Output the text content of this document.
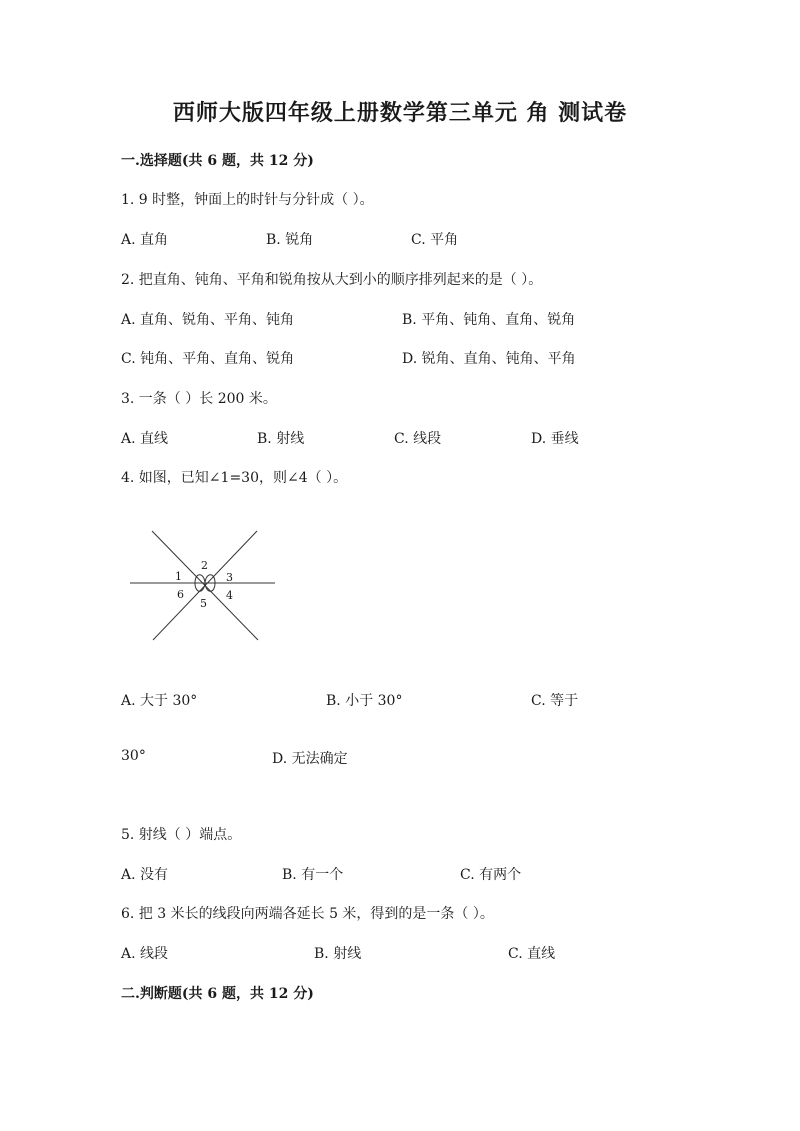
西师大版四年级上册数学第三单元 角 测试卷
一.选择题(共 6 题，共 12 分)
1. 9 时整，钟面上的时针与分针成（ ）。
A. 直角	B. 锐角	C. 平角
2. 把直角、钝角、平角和锐角按从大到小的顺序排列起来的是（ ）。
A. 直角、锐角、平角、钝角	B. 平角、钝角、直角、锐角
C. 钝角、平角、直角、锐角	D. 锐角、直角、钝角、平角
3. 一条（ ）长 200 米。
A. 直线	B. 射线	C. 线段	D. 垂线
4. 如图，已知∠1=30，则∠4（ ）。
1
2
3
4
5
6
A. 大于 30°	B. 小于 30°	C. 等于
30°	D. 无法确定
5. 射线（ ）端点。
A. 没有	B. 有一个	C. 有两个
6. 把 3 米长的线段向两端各延长 5 米，得到的是一条（ ）。
A. 线段	B. 射线	C. 直线
二.判断题(共 6 题，共 12 分)
